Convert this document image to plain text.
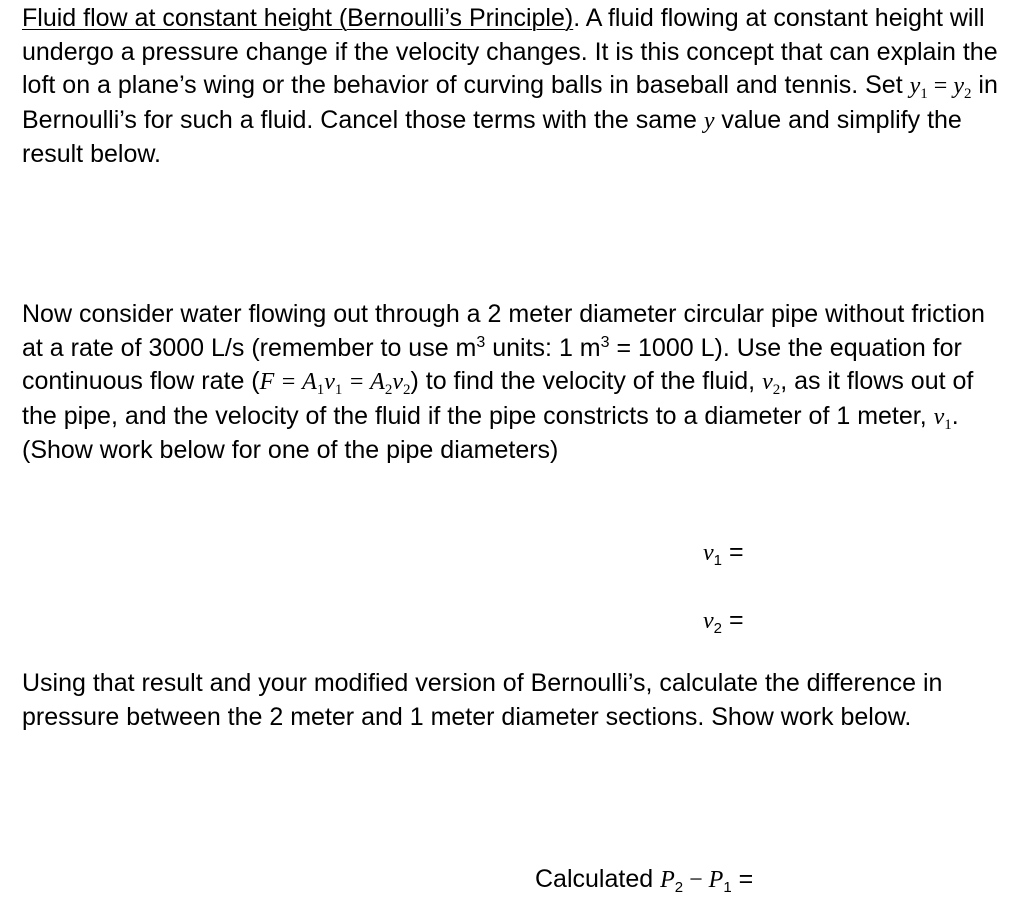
Fluid flow at constant height (Bernoulli’s Principle). A fluid flowing at constant height will undergo a pressure change if the velocity changes. It is this concept that can explain the loft on a plane’s wing or the behavior of curving balls in baseball and tennis. Set $y_1 = y_2$ in Bernoulli’s for such a fluid. Cancel those terms with the same y value and simplify the result below.

Now consider water flowing out through a 2 meter diameter circular pipe without friction at a rate of 3000 L/s (remember to use $m^3$ units: 1 $m^3 = 1000$ L). Use the equation for continuous flow rate $(F = A_1v_1 = A_2v_2)$ to find the velocity of the fluid, $v_2$, as it flows out of the pipe, and the velocity of the fluid if the pipe constricts to a diameter of 1 meter, $v_1$. (Show work below for one of the pipe diameters)

$v_1$ =
$v_2$ =

Using that result and your modified version of Bernoulli’s, calculate the difference in pressure between the 2 meter and 1 meter diameter sections. Show work below.

Calculated $P_2 - P_1$ =
